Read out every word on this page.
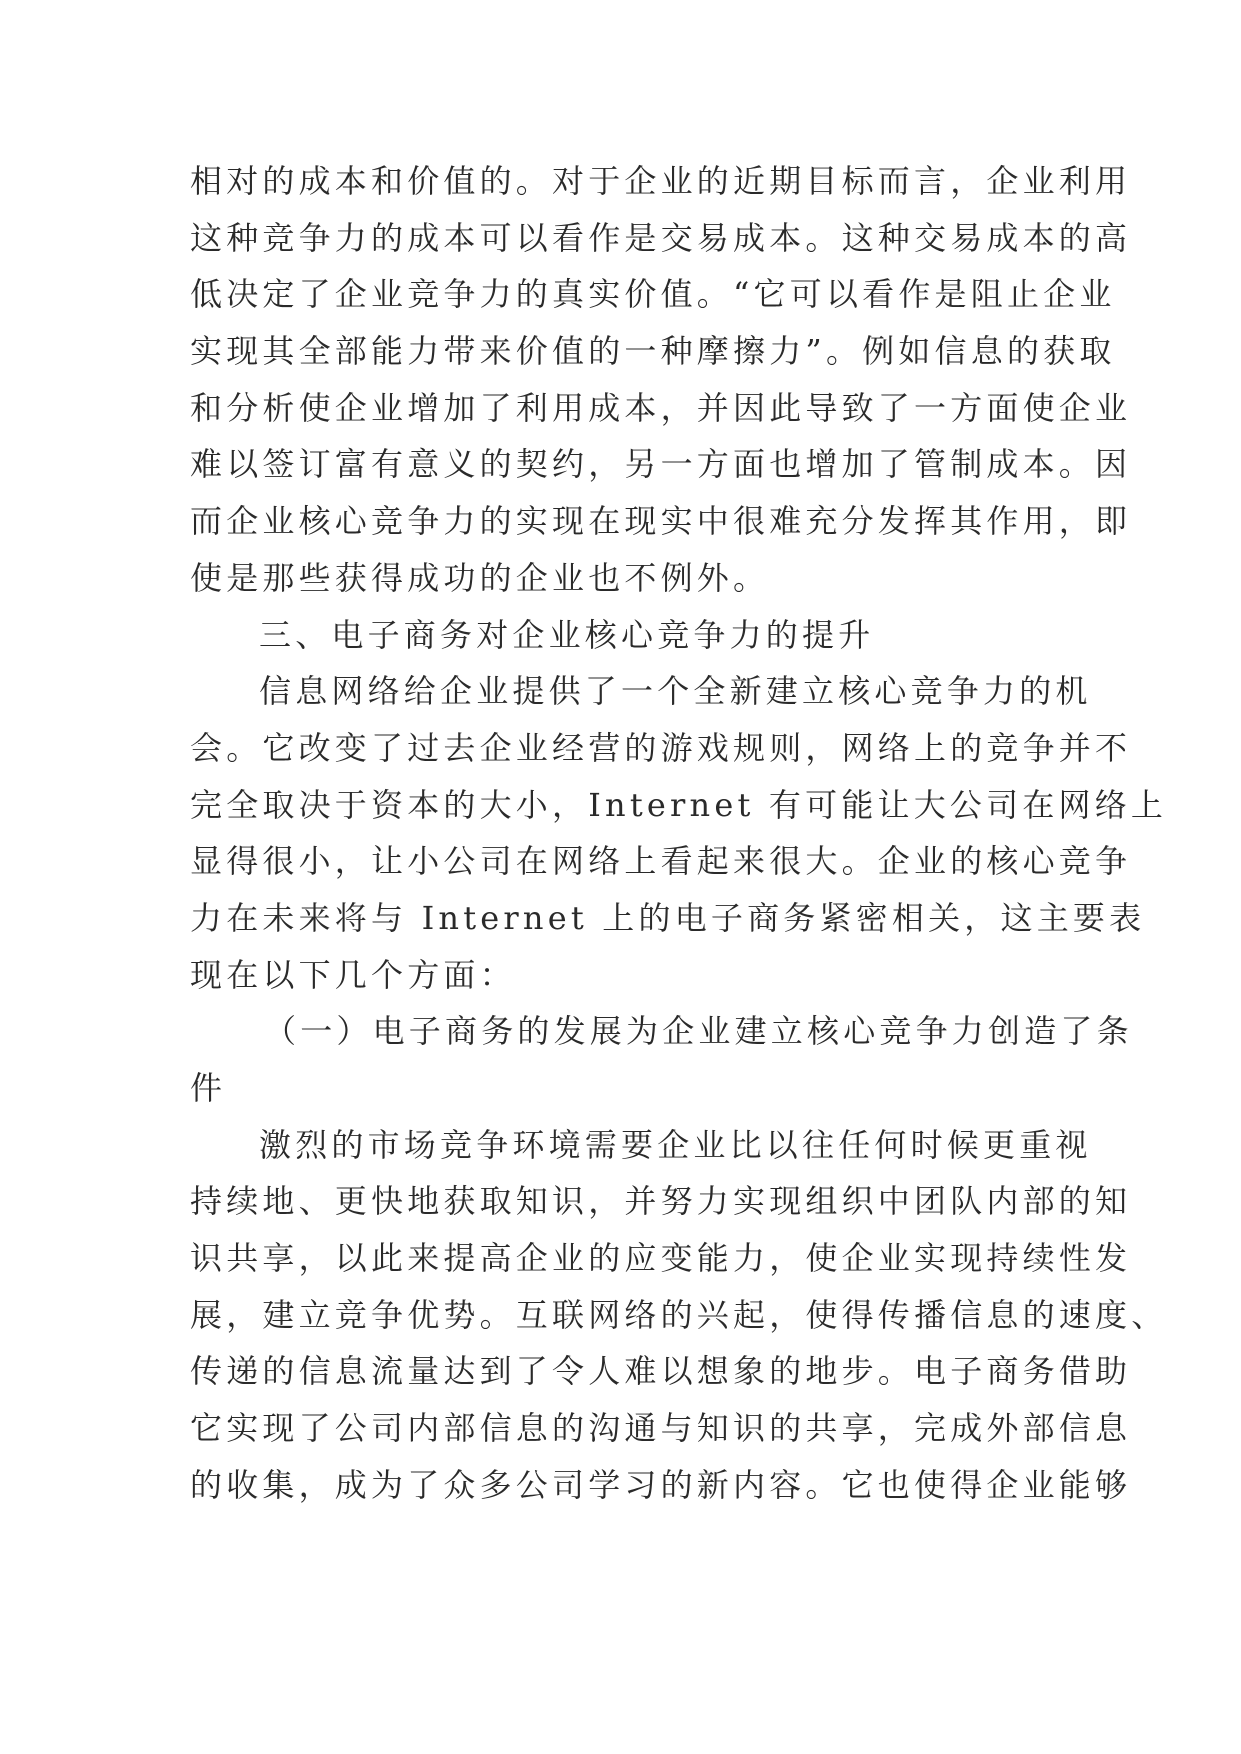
相对的成本和价值的。对于企业的近期目标而言，企业利用
这种竞争力的成本可以看作是交易成本。这种交易成本的高
低决定了企业竞争力的真实价值。“它可以看作是阻止企业
实现其全部能力带来价值的一种摩擦力”。例如信息的获取
和分析使企业增加了利用成本，并因此导致了一方面使企业
难以签订富有意义的契约，另一方面也增加了管制成本。因
而企业核心竞争力的实现在现实中很难充分发挥其作用，即
使是那些获得成功的企业也不例外。
三、电子商务对企业核心竞争力的提升
信息网络给企业提供了一个全新建立核心竞争力的机
会。它改变了过去企业经营的游戏规则，网络上的竞争并不
完全取决于资本的大小，Internet 有可能让大公司在网络上
显得很小，让小公司在网络上看起来很大。企业的核心竞争
力在未来将与 Internet 上的电子商务紧密相关，这主要表
现在以下几个方面：
（一）电子商务的发展为企业建立核心竞争力创造了条
件
激烈的市场竞争环境需要企业比以往任何时候更重视
持续地、更快地获取知识，并努力实现组织中团队内部的知
识共享，以此来提高企业的应变能力，使企业实现持续性发
展，建立竞争优势。互联网络的兴起，使得传播信息的速度、
传递的信息流量达到了令人难以想象的地步。电子商务借助
它实现了公司内部信息的沟通与知识的共享，完成外部信息
的收集，成为了众多公司学习的新内容。它也使得企业能够
